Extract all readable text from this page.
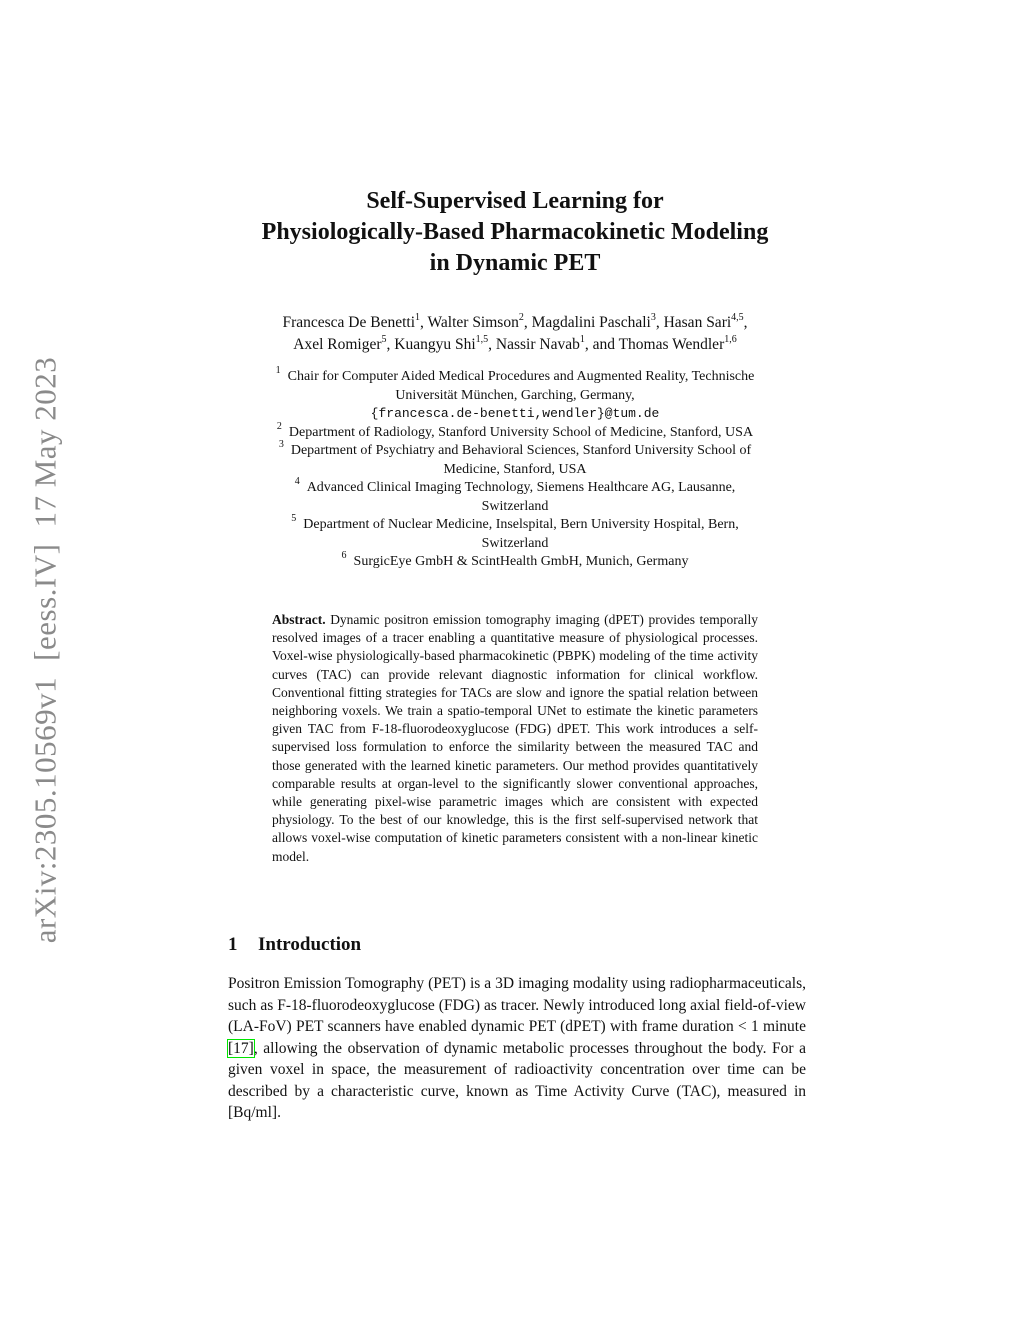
arXiv:2305.10569v1[eess.IV]17 May 2023
Self-Supervised Learning for
Physiologically-Based Pharmacokinetic Modeling
in Dynamic PET
Francesca De Benetti$^1$, Walter Simson$^2$, Magdalini Paschali$^3$, Hasan Sari$^{4,5}$,
Axel Romiger$^5$, Kuangyu Shi$^{1,5}$, Nassir Navab$^1$, and Thomas Wendler$^{1,6}$
$^1$ Chair for Computer Aided Medical Procedures and Augmented Reality, Technische
Universität München, Garching, Germany,
{francesca.de-benetti,wendler}@tum.de
$^2$ Department of Radiology, Stanford University School of Medicine, Stanford, USA
$^3$ Department of Psychiatry and Behavioral Sciences, Stanford University School of
Medicine, Stanford, USA
$^4$ Advanced Clinical Imaging Technology, Siemens Healthcare AG, Lausanne,
Switzerland
$^5$ Department of Nuclear Medicine, Inselspital, Bern University Hospital, Bern,
Switzerland
$^6$ SurgicEye GmbH & ScintHealth GmbH, Munich, Germany
Abstract. Dynamic positron emission tomography imaging (dPET) provides temporally resolved images of a tracer enabling a quantitative measure of physiological processes. Voxel-wise physiologically-based pharmacokinetic (PBPK) modeling of the time activity curves (TAC) can provide relevant diagnostic information for clinical workflow. Conventional fitting strategies for TACs are slow and ignore the spatial relation between neighboring voxels. We train a spatio-temporal UNet to estimate the kinetic parameters given TAC from F-18-fluorodeoxyglucose (FDG) dPET. This work introduces a self-supervised loss formulation to enforce the similarity between the measured TAC and those generated with the learned kinetic parameters. Our method provides quantitatively comparable results at organ-level to the significantly slower conventional approaches, while generating pixel-wise parametric images which are consistent with expected physiology. To the best of our knowledge, this is the first self-supervised network that allows voxel-wise computation of kinetic parameters consistent with a non-linear kinetic model.
1 Introduction
Positron Emission Tomography (PET) is a 3D imaging modality using radiopharmaceuticals, such as F-18-fluorodeoxyglucose (FDG) as tracer. Newly introduced long axial field-of-view (LA-FoV) PET scanners have enabled dynamic PET (dPET) with frame duration < 1 minute [17], allowing the observation of dynamic metabolic processes throughout the body. For a given voxel in space, the measurement of radioactivity concentration over time can be described by a characteristic curve, known as Time Activity Curve (TAC), measured in [Bq/ml].
